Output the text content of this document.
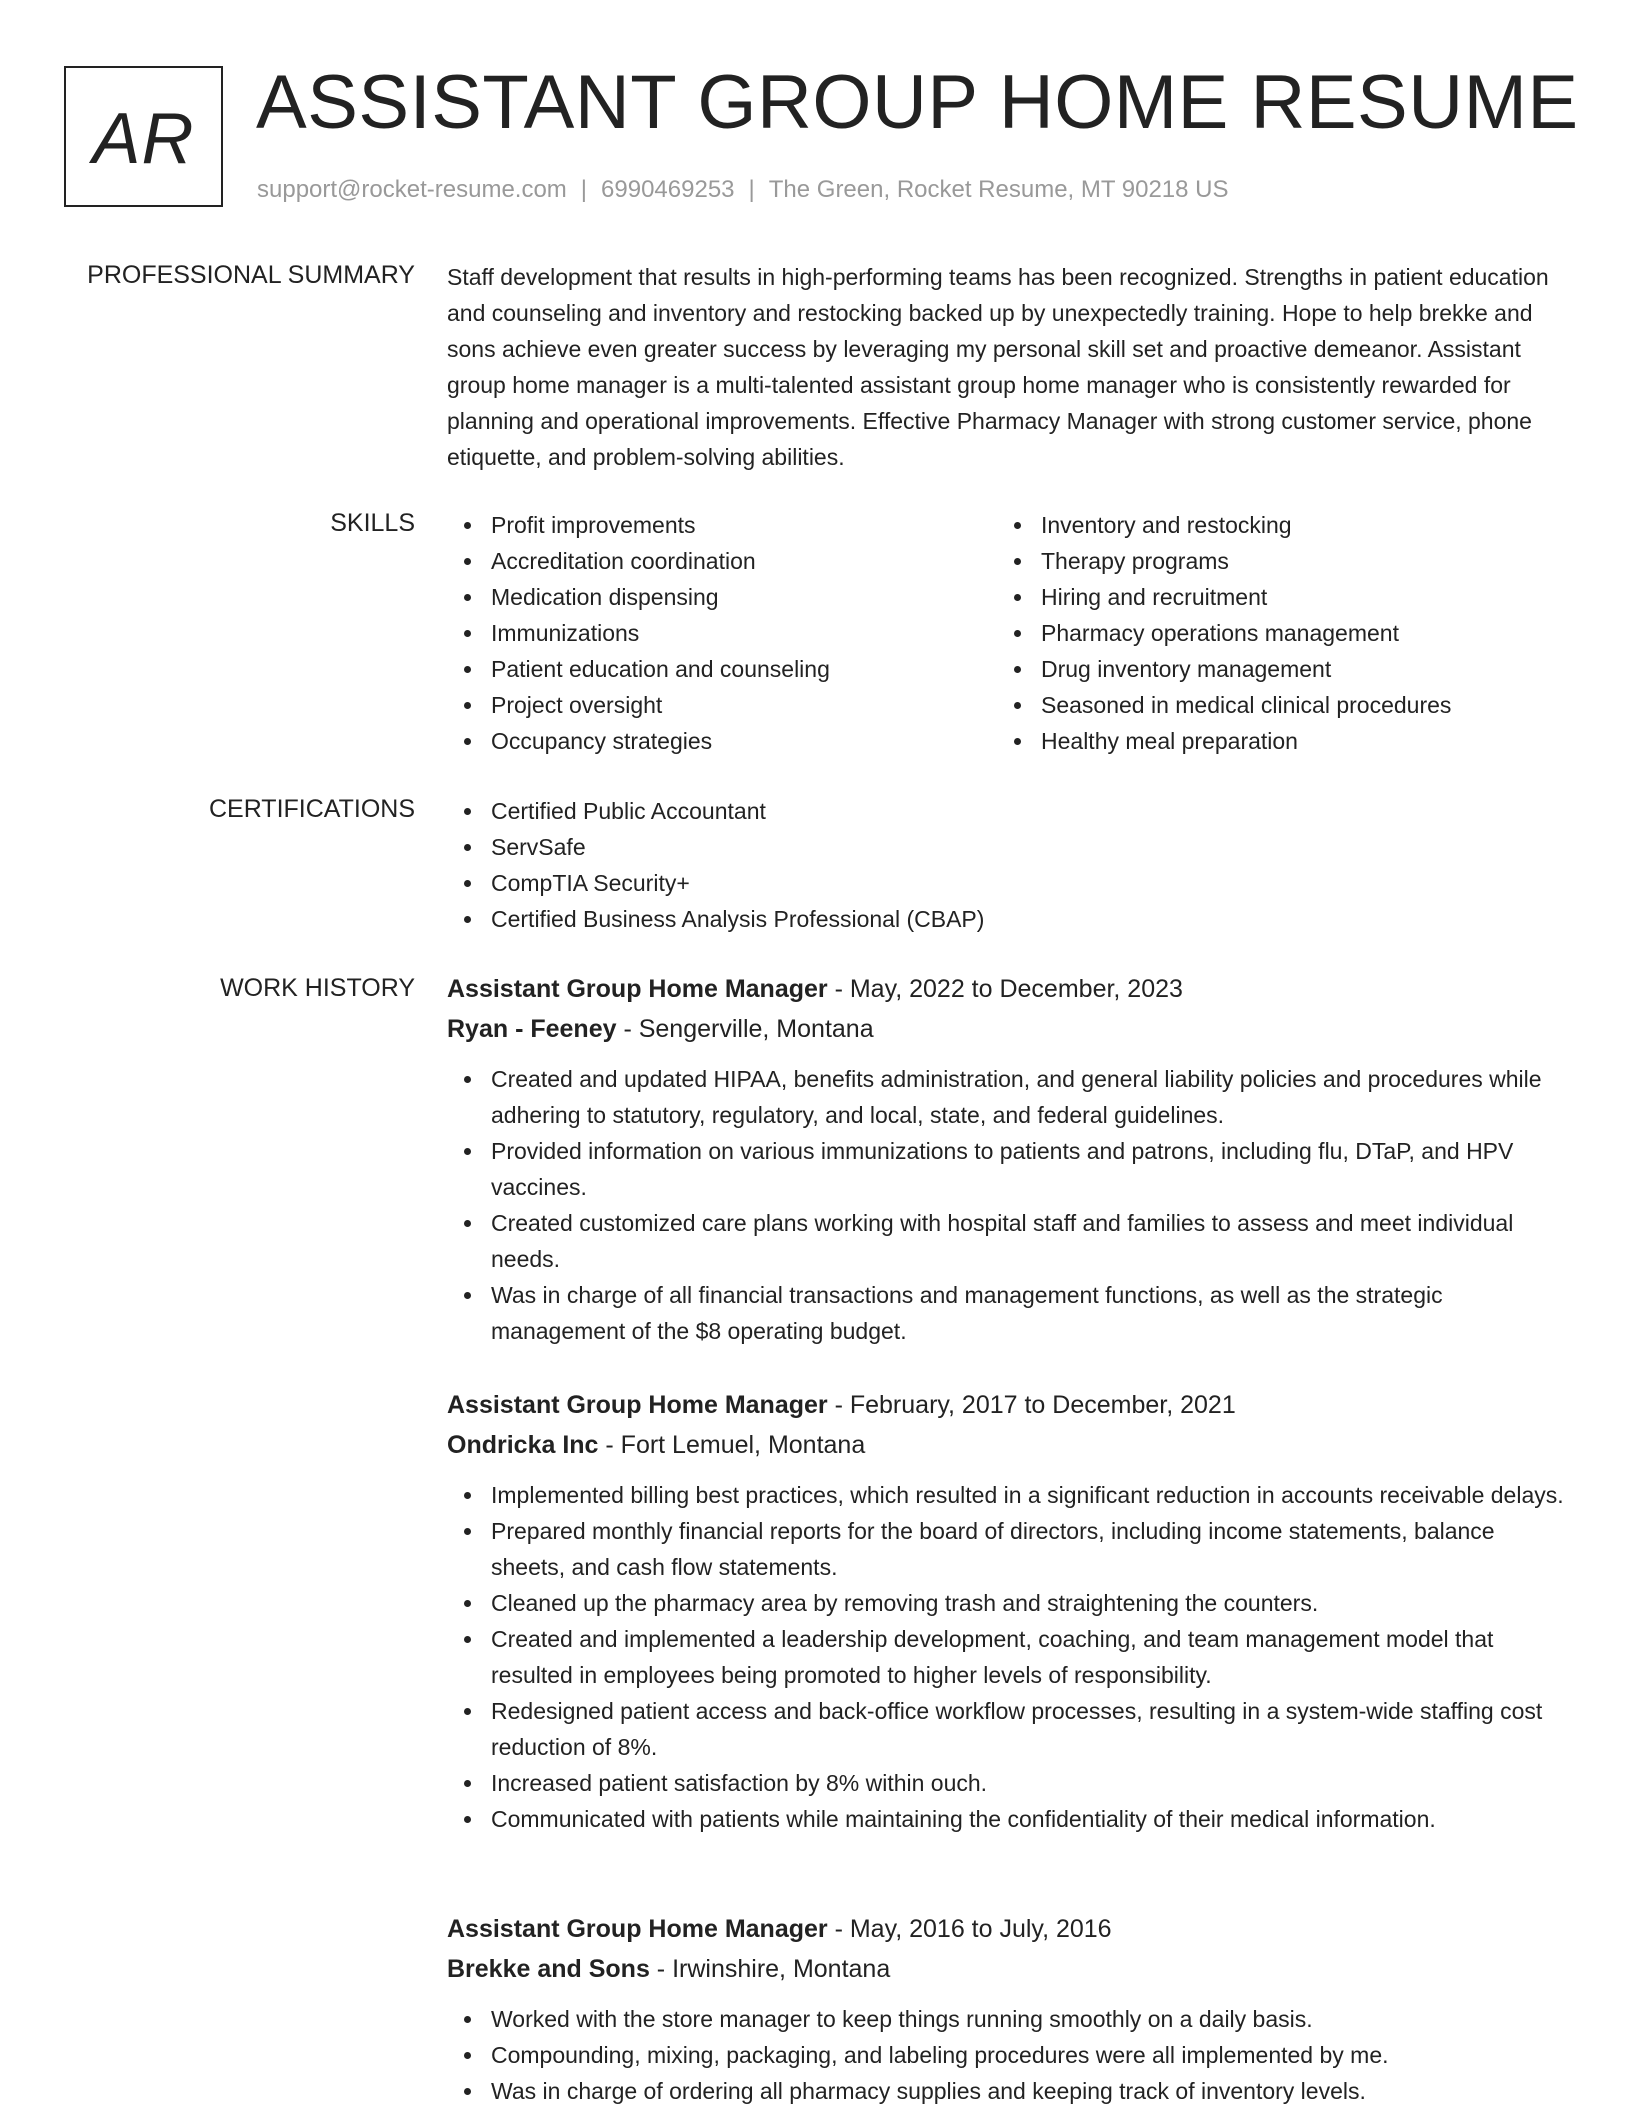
AR ASSISTANT GROUP HOME RESUME
support@rocket-resume.com | 6990469253 | The Green, Rocket Resume, MT 90218 US
PROFESSIONAL SUMMARY Staff development that results in high-performing teams has been recognized. Strengths in patient education and counseling and inventory and restocking backed up by unexpectedly training. Hope to help brekke and sons achieve even greater success by leveraging my personal skill set and proactive demeanor. Assistant group home manager is a multi-talented assistant group home manager who is consistently rewarded for planning and operational improvements. Effective Pharmacy Manager with strong customer service, phone etiquette, and problem-solving abilities.

SKILLS	Profit improvements
Accreditation coordination
Medication dispensing
Immunizations
Patient education and counseling
Project oversight
Occupancy strategies
Inventory and restocking
Therapy programs
Hiring and recruitment
Pharmacy operations management
Drug inventory management
Seasoned in medical clinical procedures
Healthy meal preparation
CERTIFICATIONS	Certified Public Accountant
ServSafe
CompTIA Security+
Certified Business Analysis Professional (CBAP)
WORK HISTORY Assistant Group Home Manager - May, 2022 to December, 2023
Ryan - Feeney - Sengerville, Montana
Created and updated HIPAA, benefits administration, and general liability policies and procedures while adhering to statutory, regulatory, and local, state, and federal guidelines.
Provided information on various immunizations to patients and patrons, including flu, DTaP, and HPV vaccines.
Created customized care plans working with hospital staff and families to assess and meet individual needs.
Was in charge of all financial transactions and management functions, as well as the strategic management of the $8 operating budget.
Assistant Group Home Manager - February, 2017 to December, 2021
Ondricka Inc - Fort Lemuel, Montana
Implemented billing best practices, which resulted in a significant reduction in accounts receivable delays.
Prepared monthly financial reports for the board of directors, including income statements, balance sheets, and cash flow statements.
Cleaned up the pharmacy area by removing trash and straightening the counters.
Created and implemented a leadership development, coaching, and team management model that resulted in employees being promoted to higher levels of responsibility.
Redesigned patient access and back-office workflow processes, resulting in a system-wide staffing cost reduction of 8%.
Increased patient satisfaction by 8% within ouch.
Communicated with patients while maintaining the confidentiality of their medical information.
Assistant Group Home Manager - May, 2016 to July, 2016
Brekke and Sons - Irwinshire, Montana
Worked with the store manager to keep things running smoothly on a daily basis.
Compounding, mixing, packaging, and labeling procedures were all implemented by me.
Was in charge of ordering all pharmacy supplies and keeping track of inventory levels.
